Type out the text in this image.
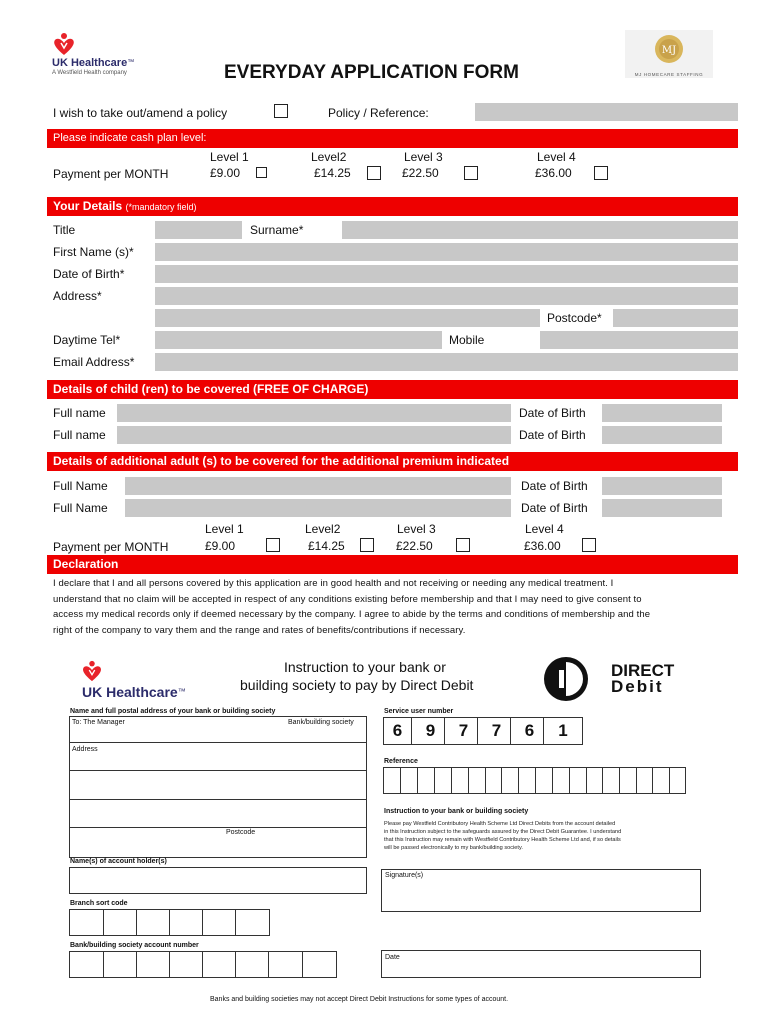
UK Healthcare™
A Westfield Health company
MJ
MJ HOMECARE STAFFING
EVERYDAY APPLICATION FORM
I wish to take out/amend a policy	Policy / Reference:
Please indicate cash plan level:
Level 1	Level2	Level 3	Level 4
Payment per MONTH	£9.00	£14.25	£22.50	£36.00
Your Details (*mandatory field)
Title	Surname*
First Name (s)*
Date of Birth*
Address*
Postcode*
Daytime Tel*	Mobile
Email Address*
Details of child (ren) to be covered (FREE OF CHARGE)
Full name	Date of Birth
Full name	Date of Birth
Details of additional adult (s) to be covered for the additional premium indicated
Full Name	Date of Birth
Full Name	Date of Birth
Level 1	Level2	Level 3	Level 4
Payment per MONTH	£9.00	£14.25	£22.50	£36.00
Declaration
I declare that I and all persons covered by this application are in good health and not receiving or needing any medical treatment. I
understand that no claim will be accepted in respect of any conditions existing before membership and that I may need to give consent to
access my medical records only if deemed necessary by the company. I agree to abide by the terms and conditions of membership and the
right of the company to vary them and the range and rates of benefits/contributions if necessary.
UK Healthcare™
Instruction to your bank or
building society to pay by Direct Debit
DIRECT
Debit
Name and full postal address of your bank or building society
To: The Manager	Bank/building society
Address
Postcode
Name(s) of account holder(s)
Branch sort code
Bank/building society account number
Service user number
6	9	7	7	6	1
Reference
Instruction to your bank or building society
Please pay Westfield Contributory Health Scheme Ltd Direct Debits from the account detailed
in this Instruction subject to the safeguards assured by the Direct Debit Guarantee. I understand
that this Instruction may remain with Westfield Contributory Health Scheme Ltd and, if so details
will be passed electronically to my bank/building society.
Signature(s)
Date
Banks and building societies may not accept Direct Debit Instructions for some types of account.
